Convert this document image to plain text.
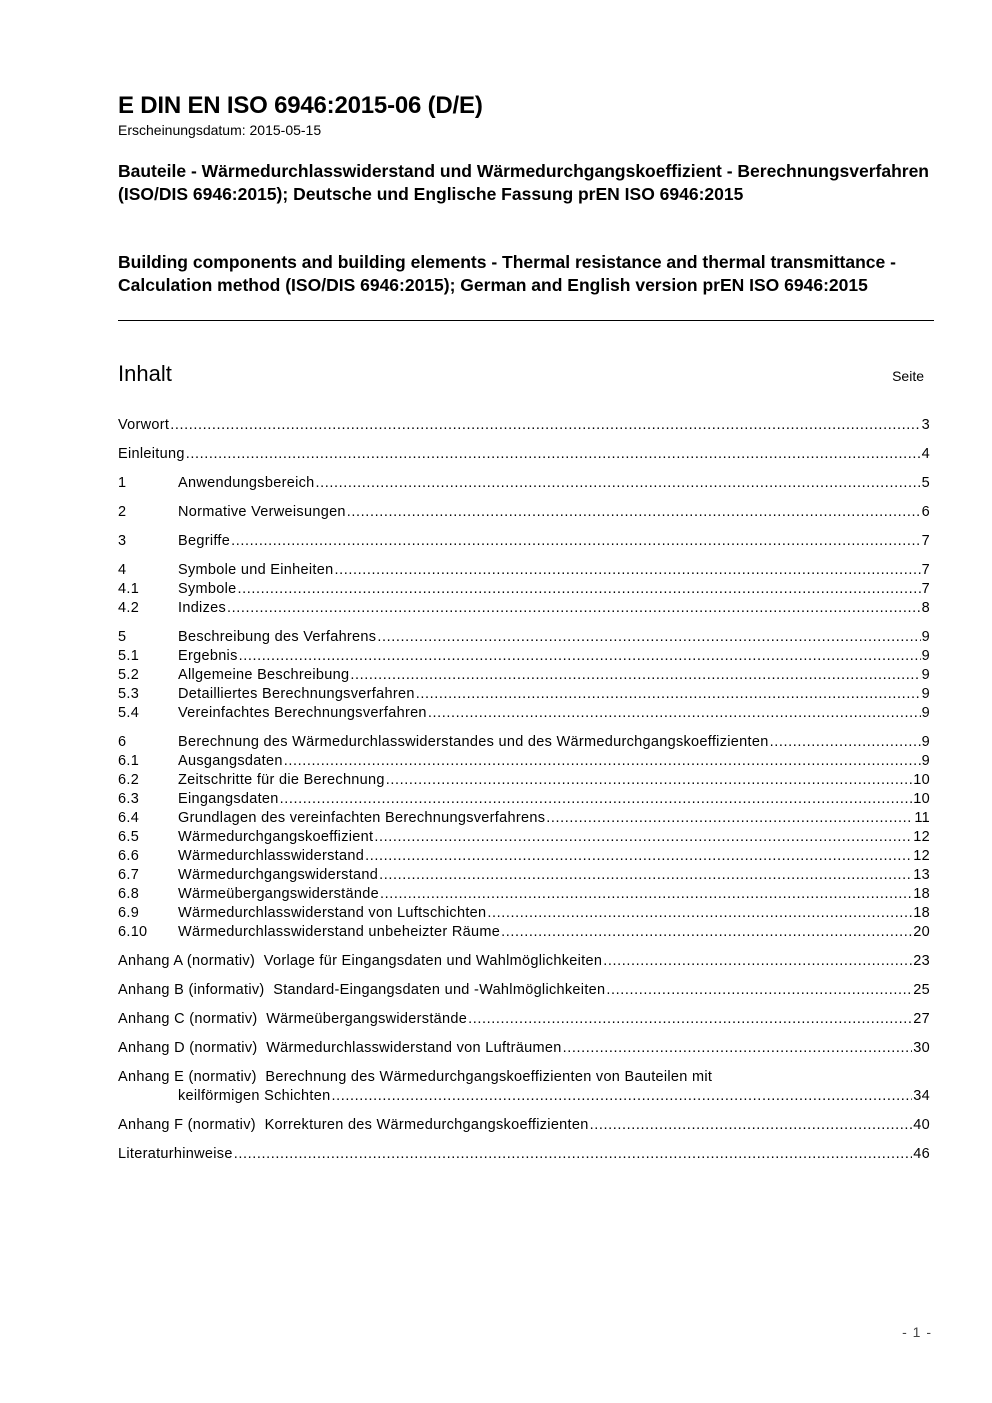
E DIN EN ISO 6946:2015-06 (D/E)
Erscheinungsdatum: 2015-05-15
Bauteile - Wärmedurchlasswiderstand und Wärmedurchgangskoeffizient - Berechnungsverfahren (ISO/DIS 6946:2015); Deutsche und Englische Fassung prEN ISO 6946:2015
Building components and building elements - Thermal resistance and thermal transmittance - Calculation method (ISO/DIS 6946:2015); German and English version prEN ISO 6946:2015
Inhalt	Seite
Vorwort .....	3
Einleitung .....	4
1	Anwendungsbereich .....	5
2	Normative Verweisungen .....	6
3	Begriffe .....	7
4	Symbole und Einheiten .....	7
4.1	Symbole .....	7
4.2	Indizes .....	8
5	Beschreibung des Verfahrens .....	9
5.1	Ergebnis .....	9
5.2	Allgemeine Beschreibung .....	9
5.3	Detailliertes Berechnungsverfahren .....	9
5.4	Vereinfachtes Berechnungsverfahren .....	9
6	Berechnung des Wärmedurchlasswiderstandes und des Wärmedurchgangskoeffizienten .....	9
6.1	Ausgangsdaten .....	9
6.2	Zeitschritte für die Berechnung .....	10
6.3	Eingangsdaten .....	10
6.4	Grundlagen des vereinfachten Berechnungsverfahrens .....	11
6.5	Wärmedurchgangskoeffizient .....	12
6.6	Wärmedurchlasswiderstand .....	12
6.7	Wärmedurchgangswiderstand .....	13
6.8	Wärmeübergangswiderstände .....	18
6.9	Wärmedurchlasswiderstand von Luftschichten .....	18
6.10	Wärmedurchlasswiderstand unbeheizter Räume .....	20
Anhang A (normativ) Vorlage für Eingangsdaten und Wahlmöglichkeiten .....	23
Anhang B (informativ) Standard-Eingangsdaten und -Wahlmöglichkeiten .....	25
Anhang C (normativ) Wärmeübergangswiderstände .....	27
Anhang D (normativ) Wärmedurchlasswiderstand von Lufträumen .....	30
Anhang E (normativ) Berechnung des Wärmedurchgangskoeffizienten von Bauteilen mit
keilförmigen Schichten .....	34
Anhang F (normativ) Korrekturen des Wärmedurchgangskoeffizienten .....	40
Literaturhinweise .....	46
- 1 -
